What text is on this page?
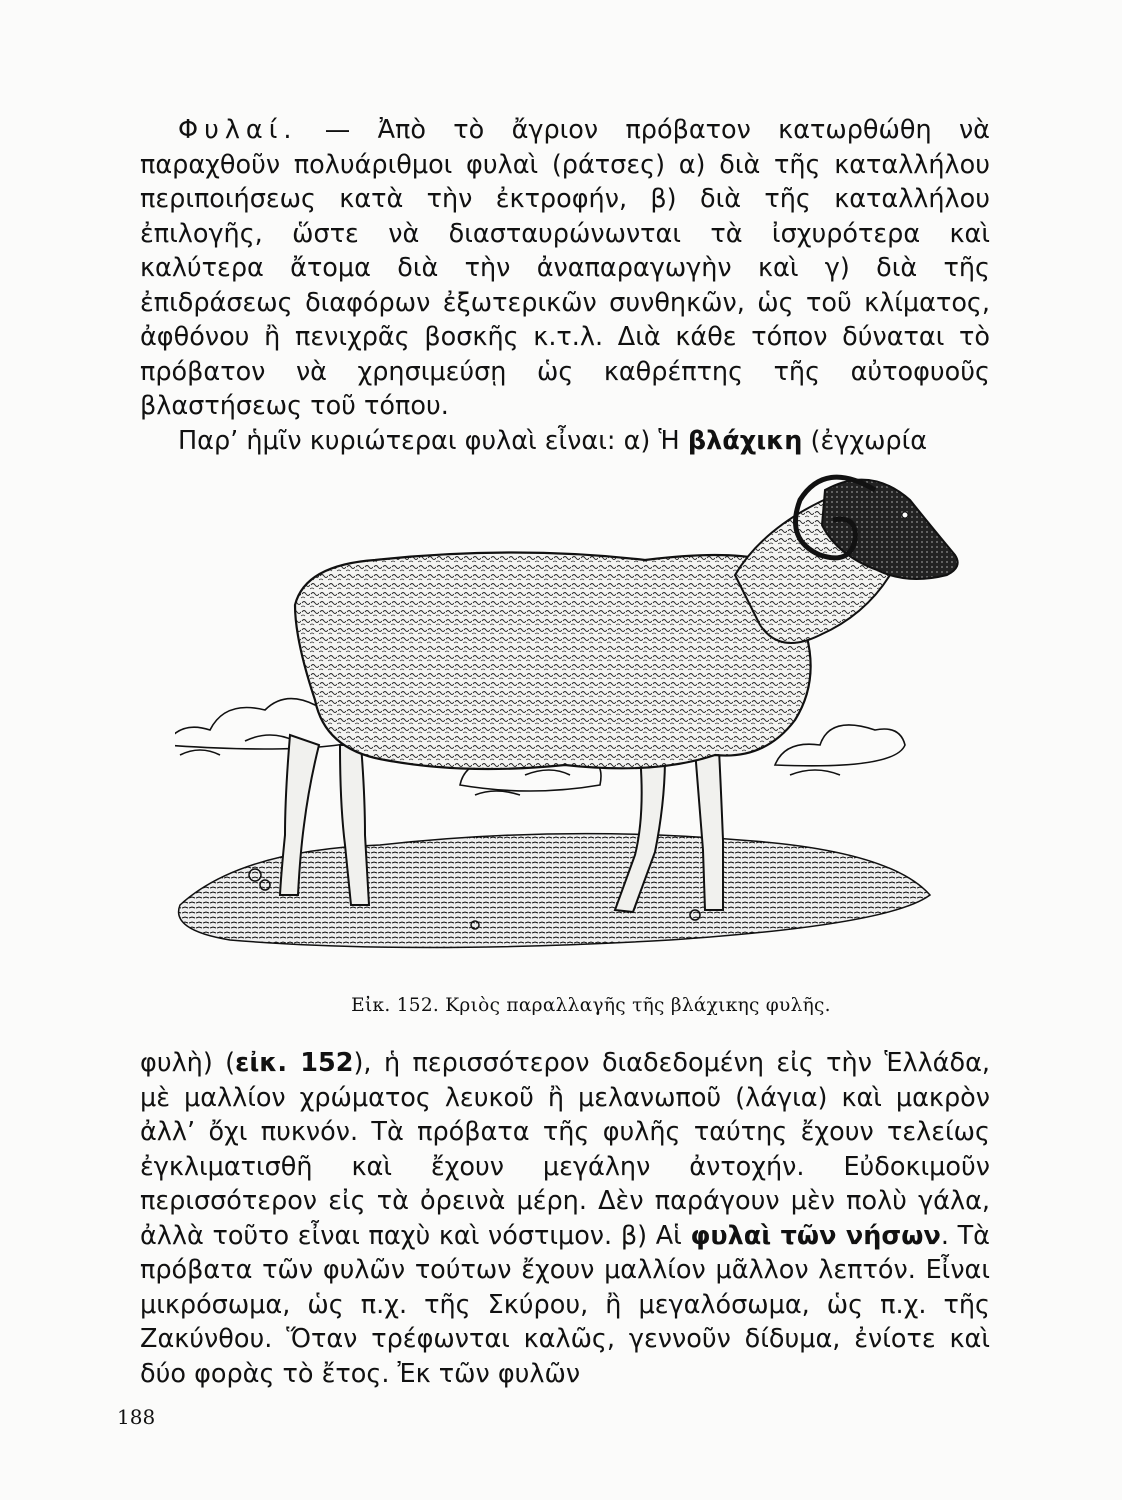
Φυλαί. — Ἀπὸ τὸ ἄγριον πρόβατον κατωρθώθη νὰ παραχθοῦν πολυάριθμοι φυλαὶ (ράτσες) α) διὰ τῆς καταλλήλου περιποιήσεως κατὰ τὴν ἐκτροφήν, β) διὰ τῆς καταλλήλου ἐπιλογῆς, ὥστε νὰ διασταυρώνωνται τὰ ἰσχυρότερα καὶ καλύτερα ἄτομα διὰ τὴν ἀναπαραγωγὴν καὶ γ) διὰ τῆς ἐπιδράσεως διαφόρων ἐξωτερικῶν συνθηκῶν, ὡς τοῦ κλίματος, ἀφθόνου ἢ πενιχρᾶς βοσκῆς κ.τ.λ. Διὰ κάθε τόπον δύναται τὸ πρόβατον νὰ χρησιμεύσῃ ὡς καθρέπτης τῆς αὐτοφυοῦς βλαστήσεως τοῦ τόπου.

Παρ’ ἡμῖν κυριώτεραι φυλαὶ εἶναι: α) Ἡ βλάχικη (ἐγχωρία

Εἰκ. 152. Κριὸς παραλλαγῆς τῆς βλάχικης φυλῆς.

φυλὴ) (εἰκ. 152), ἡ περισσότερον διαδεδομένη εἰς τὴν Ἑλλάδα, μὲ μαλλίον χρώματος λευκοῦ ἢ μελανωποῦ (λάγια) καὶ μακρὸν ἀλλ’ ὄχι πυκνόν. Τὰ πρόβατα τῆς φυλῆς ταύτης ἔχουν τελείως ἐγκλιματισθῆ καὶ ἔχουν μεγάλην ἀντοχήν. Εὐδοκιμοῦν περισσότερον εἰς τὰ ὀρεινὰ μέρη. Δὲν παράγουν μὲν πολὺ γάλα, ἀλλὰ τοῦτο εἶναι παχὺ καὶ νόστιμον. β) Αἱ φυλαὶ τῶν νήσων. Τὰ πρόβατα τῶν φυλῶν τούτων ἔχουν μαλλίον μᾶλλον λεπτόν. Εἶναι μικρόσωμα, ὡς π.χ. τῆς Σκύρου, ἢ μεγαλόσωμα, ὡς π.χ. τῆς Ζακύνθου. Ὅταν τρέφωνται καλῶς, γεννοῦν δίδυμα, ἐνίοτε καὶ δύο φορὰς τὸ ἔτος. Ἐκ τῶν φυλῶν

188
